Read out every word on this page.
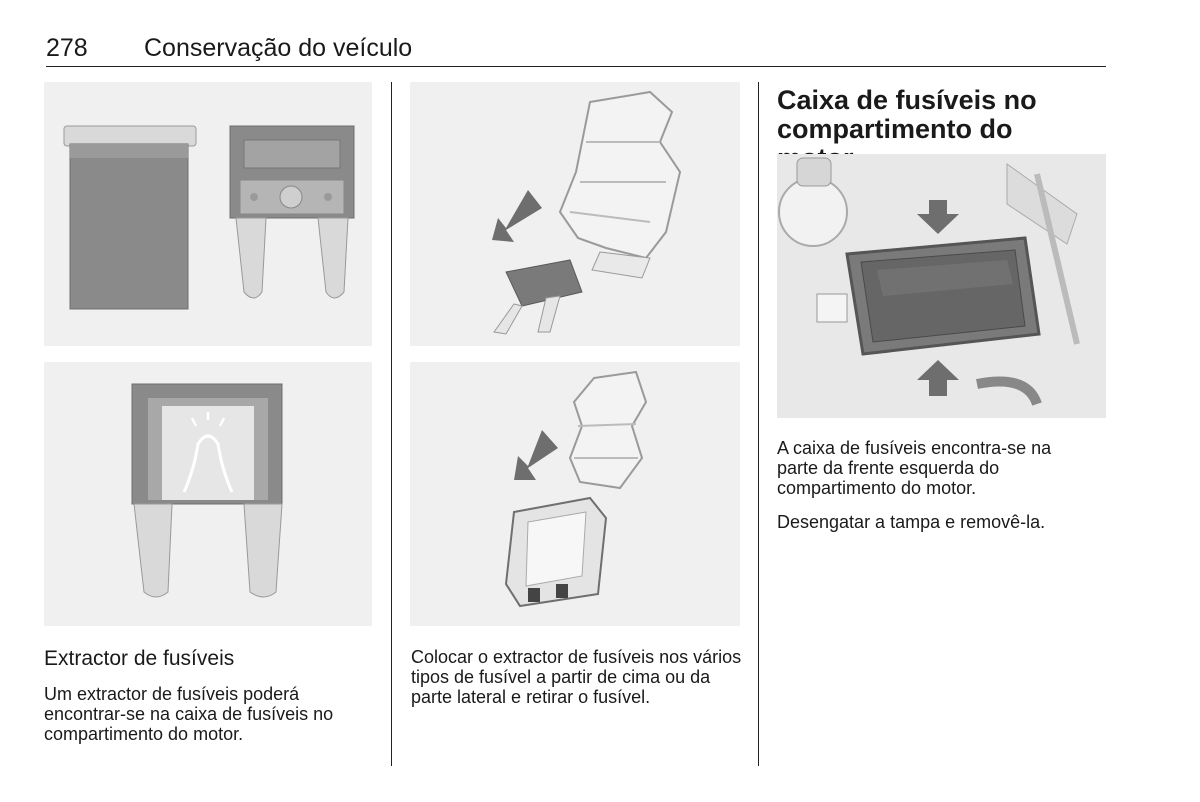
278 Conservação do veículo
Extractor de fusíveis
Um extractor de fusíveis poderá encontrar-se na caixa de fusíveis no compartimento do motor.
Colocar o extractor de fusíveis nos vários tipos de fusível a partir de cima ou da parte lateral e retirar o fusível.
Caixa de fusíveis no compartimento do
A caixa de fusíveis encontra-se na parte da frente esquerda do compartimento do motor.
Desengatar a tampa e removê-la.
